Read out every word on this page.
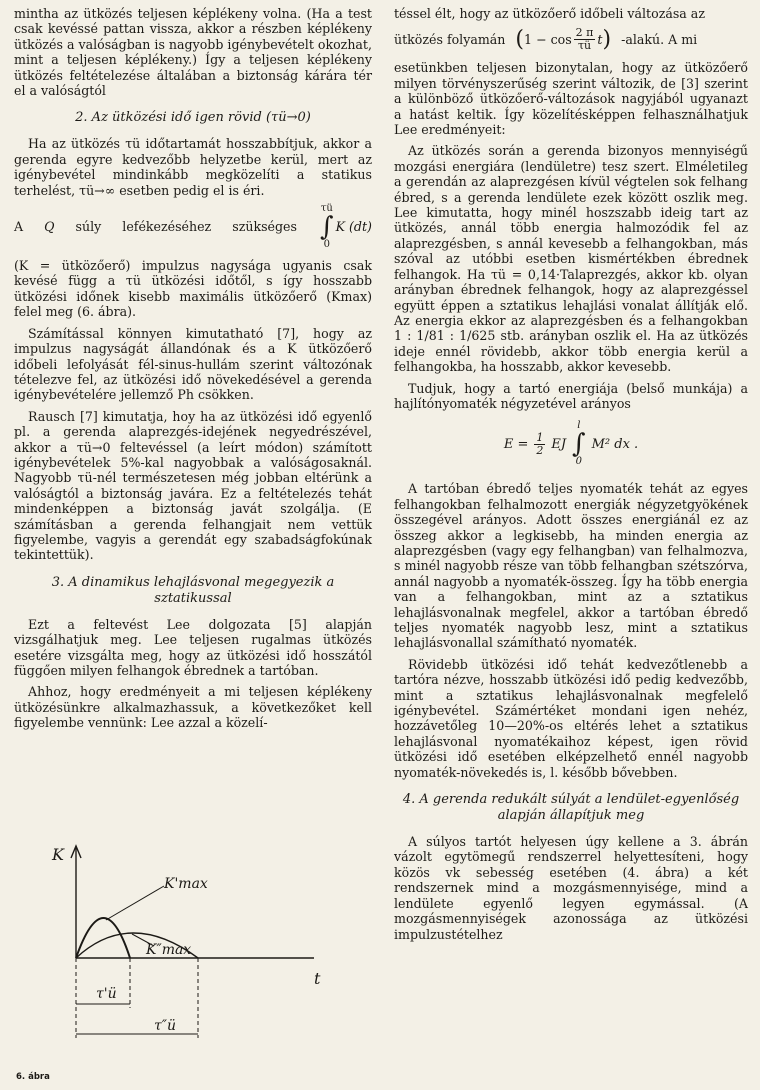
mintha az ütközés teljesen képlékeny volna. (Ha a test csak kevéssé pattan vissza, akkor a részben képlékeny ütközés a valóságban is nagyobb igénybevételt okozhat, mint a teljesen képlékeny.) Így a teljesen képlékeny ütközés feltételezése általában a biztonság kárára tér el a valóságtól

2. Az ütközési idő igen rövid (τü→0)

Ha az ütközés τü időtartamát hosszabbítjuk, akkor a gerenda egyre kedvezőbb helyzetbe kerül, mert az igénybevétel mindinkább megközelíti a statikus terhelést, τü→∞ esetben pedig el is éri.

A Q súly lefékezéséhez szükséges
τü
∫
0
K (dt)

(K = ütközőerő) impulzus nagysága ugyanis csak kevésé függ a τü ütközési időtől, s így hosszabb ütközési időnek kisebb maximális ütközőerő (Kmax) felel meg (6. ábra).

Számítással könnyen kimutatható [7], hogy az impulzus nagyságát állandónak és a K ütközőerő időbeli lefolyását fél-sinus-hullám szerint változónak tételezve fel, az ütközési idő növekedésével a gerenda igénybevételére jellemző Ph csökken.

Rausch [7] kimutatja, hoy ha az ütközési idő egyenlő pl. a gerenda alaprezgés-idejének negyedrészével, akkor a τü→0 feltevéssel (a leírt módon) számított igénybevételek 5%-kal nagyobbak a valóságosaknál. Nagyobb τü-nél természetesen még jobban eltérünk a valóságtól a biztonság javára. Ez a feltételezés tehát mindenképpen a biztonság javát szolgálja. (E számításban a gerenda felhangjait nem vettük figyelembe, vagyis a gerendát egy szabadságfokúnak tekintettük).

3. A dinamikus lehajlásvonal megegyezik a sztatikussal

Ezt a feltevést Lee dolgozata [5] alapján vizsgálhatjuk meg. Lee teljesen rugalmas ütközés esetére vizsgálta meg, hogy az ütközési idő hosszától függően milyen felhangok ébrednek a tartóban.

Ahhoz, hogy eredményeit a mi teljesen képlékeny ütközésünkre alkalmazhassuk, a következőket kell figyelembe vennünk: Lee azzal a közelí-

K
t
K'max
K″max
τ'ü
τ″ü
6. ábra

téssel élt, hogy az ütközőerő időbeli változása az

ütközés folyamán ( $1 - \cos \frac{2 \pi}{\tau ü}$ t ) -alakú. A mi

esetünkben teljesen bizonytalan, hogy az ütközőerő milyen törvényszerűség szerint változik, de [3] szerint a különböző ütközőerő-változások nagyjából ugyanazt a hatást keltik. Így közelítésképpen felhasználhatjuk Lee eredményeit:

Az ütközés során a gerenda bizonyos mennyiségű mozgási energiára (lendületre) tesz szert. Elméletileg a gerendán az alaprezgésen kívül végtelen sok felhang ébred, s a gerenda lendülete ezek között oszlik meg. Lee kimutatta, hogy minél hoszszabb ideig tart az ütközés, annál több energia halmozódik fel az alaprezgésben, s annál kevesebb a felhangokban, más szóval az utóbbi esetben kismértékben ébrednek felhangok. Ha τü = 0,14·Talaprezgés, akkor kb. olyan arányban ébrednek felhangok, hogy az alaprezgéssel együtt éppen a sztatikus lehajlási vonalat állítják elő. Az energia ekkor az alaprezgésben és a felhangokban 1 : 1/81 : 1/625 stb. arányban oszlik el. Ha az ütközés ideje ennél rövidebb, akkor több energia kerül a felhangokba, ha hosszabb, akkor kevesebb.

Tudjuk, hogy a tartó energiája (belső munkája) a hajlítónyomaték négyzetével arányos

$E = \frac{1}{2}$ EJ
l
∫
0
M² dx .

A tartóban ébredő teljes nyomaték tehát az egyes felhangokban felhalmozott energiák négyzetgyökének összegével arányos. Adott összes energiánál ez az összeg akkor a legkisebb, ha minden energia az alaprezgésben (vagy egy felhangban) van felhalmozva, s minél nagyobb része van több felhangban szétszórva, annál nagyobb a nyomaték-összeg. Így ha több energia van a felhangokban, mint az a sztatikus lehajlásvonalnak megfelel, akkor a tartóban ébredő teljes nyomaték nagyobb lesz, mint a sztatikus lehajlásvonallal számítható nyomaték.

Rövidebb ütközési idő tehát kedvezőtlenebb a tartóra nézve, hosszabb ütközési idő pedig kedvezőbb, mint a sztatikus lehajlásvonalnak megfelelő igénybevétel. Számértéket mondani igen nehéz, hozzávetőleg 10—20%-os eltérés lehet a sztatikus lehajlásvonal nyomatékaihoz képest, igen rövid ütközési idő esetében elképzelhető ennél nagyobb nyomaték-növekedés is, l. később bővebben.

4. A gerenda redukált súlyát a lendület-egyenlőség alapján állapítjuk meg

A súlyos tartót helyesen úgy kellene a 3. ábrán vázolt egytömegű rendszerrel helyettesíteni, hogy közös vk sebesség esetében (4. ábra) a két rendszernek mind a mozgásmennyisége, mind a lendülete egyenlő legyen egymással. (A mozgásmennyiségek azonossága az ütközési impulzustételhez
